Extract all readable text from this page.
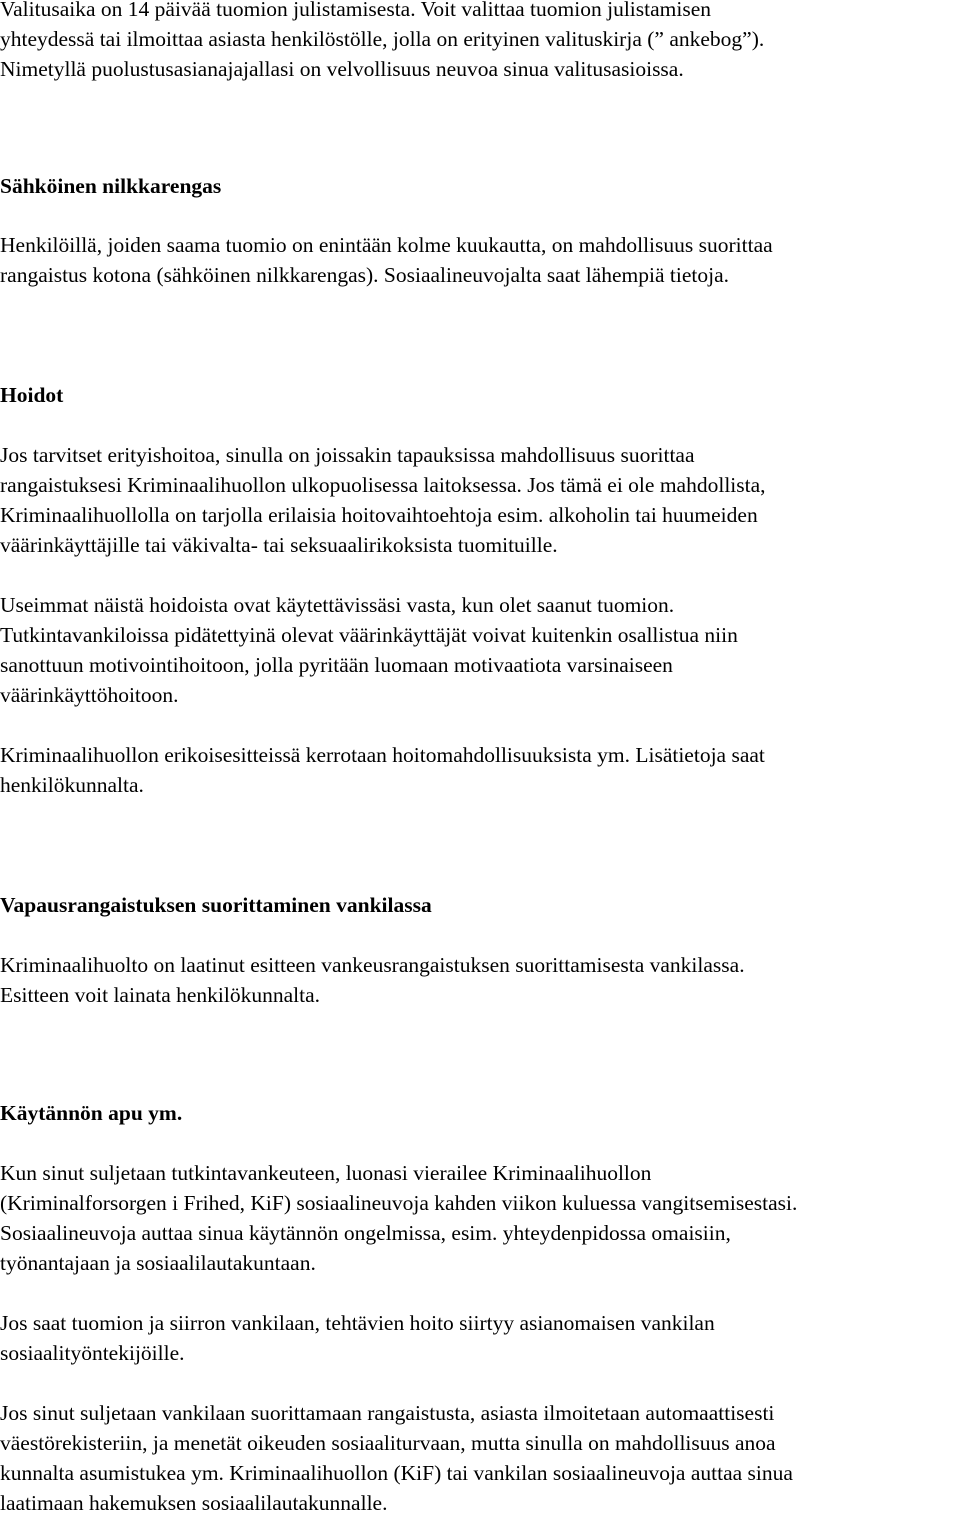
Valitusaika on 14 päivää tuomion julistamisesta. Voit valittaa tuomion julistamisen
yhteydessä tai ilmoittaa asiasta henkilöstölle, jolla on erityinen valituskirja (” ankebog”).
Nimetyllä puolustusasianajajallasi on velvollisuus neuvoa sinua valitusasioissa.
Sähköinen nilkkarengas
Henkilöillä, joiden saama tuomio on enintään kolme kuukautta, on mahdollisuus suorittaa
rangaistus kotona (sähköinen nilkkarengas). Sosiaalineuvojalta saat lähempiä tietoja.
Hoidot
Jos tarvitset erityishoitoa, sinulla on joissakin tapauksissa mahdollisuus suorittaa
rangaistuksesi Kriminaalihuollon ulkopuolisessa laitoksessa. Jos tämä ei ole mahdollista,
Kriminaalihuollolla on tarjolla erilaisia hoitovaihtoehtoja esim. alkoholin tai huumeiden
väärinkäyttäjille tai väkivalta- tai seksuaalirikoksista tuomituille.
Useimmat näistä hoidoista ovat käytettävissäsi vasta, kun olet saanut tuomion.
Tutkintavankiloissa pidätettyinä olevat väärinkäyttäjät voivat kuitenkin osallistua niin
sanottuun motivointihoitoon, jolla pyritään luomaan motivaatiota varsinaiseen
väärinkäyttöhoitoon.
Kriminaalihuollon erikoisesitteissä kerrotaan hoitomahdollisuuksista ym. Lisätietoja saat
henkilökunnalta.
Vapausrangaistuksen suorittaminen vankilassa
Kriminaalihuolto on laatinut esitteen vankeusrangaistuksen suorittamisesta vankilassa.
Esitteen voit lainata henkilökunnalta.
Käytännön apu ym.
Kun sinut suljetaan tutkintavankeuteen, luonasi vierailee Kriminaalihuollon
(Kriminalforsorgen i Frihed, KiF) sosiaalineuvoja kahden viikon kuluessa vangitsemisestasi.
Sosiaalineuvoja auttaa sinua käytännön ongelmissa, esim. yhteydenpidossa omaisiin,
työnantajaan ja sosiaalilautakuntaan.
Jos saat tuomion ja siirron vankilaan, tehtävien hoito siirtyy asianomaisen vankilan
sosiaalityöntekijöille.
Jos sinut suljetaan vankilaan suorittamaan rangaistusta, asiasta ilmoitetaan automaattisesti
väestörekisteriin, ja menetät oikeuden sosiaaliturvaan, mutta sinulla on mahdollisuus anoa
kunnalta asumistukea ym. Kriminaalihuollon (KiF) tai vankilan sosiaalineuvoja auttaa sinua
laatimaan hakemuksen sosiaalilautakunnalle.
